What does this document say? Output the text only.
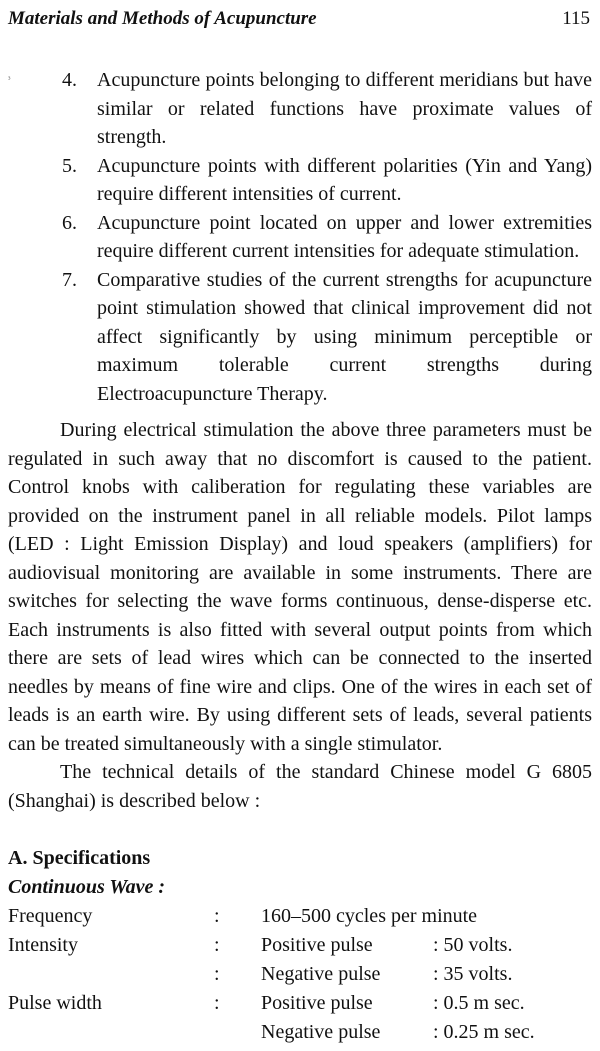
Materials and Methods of Acupuncture	115
ᶟ	4. Acupuncture points belonging to different meridians but have similar or related functions have proximate values of strength.
5. Acupuncture points with different polarities (Yin and Yang) require different intensities of current.
6. Acupuncture point located on upper and lower extremities require different current intensities for adequate stimulation.
7. Comparative studies of the current strengths for acupuncture point stimulation showed that clinical improvement did not affect significantly by using minimum perceptible or maximum tolerable current strengths during Electroacupuncture Therapy.

During electrical stimulation the above three parameters must be regulated in such away that no discomfort is caused to the patient. Control knobs with caliberation for regulating these variables are provided on the instrument panel in all reliable models. Pilot lamps (LED : Light Emission Display) and loud speakers (amplifiers) for audiovisual monitoring are available in some instruments. There are switches for selecting the wave forms continuous, dense-disperse etc. Each instruments is also fitted with several output points from which there are sets of lead wires which can be connected to the inserted needles by means of fine wire and clips. One of the wires in each set of leads is an earth wire. By using different sets of leads, several patients can be treated simultaneously with a single stimulator.

The technical details of the standard Chinese model G 6805 (Shanghai) is described below :

A. Specifications
Continuous Wave :
Frequency	: 160–500 cycles per minute
Intensity	: Positive pulse	: 50 volts.
: Negative pulse	: 35 volts.
Pulse width	: Positive pulse	: 0.5 m sec.
Negative pulse	: 0.25 m sec.
